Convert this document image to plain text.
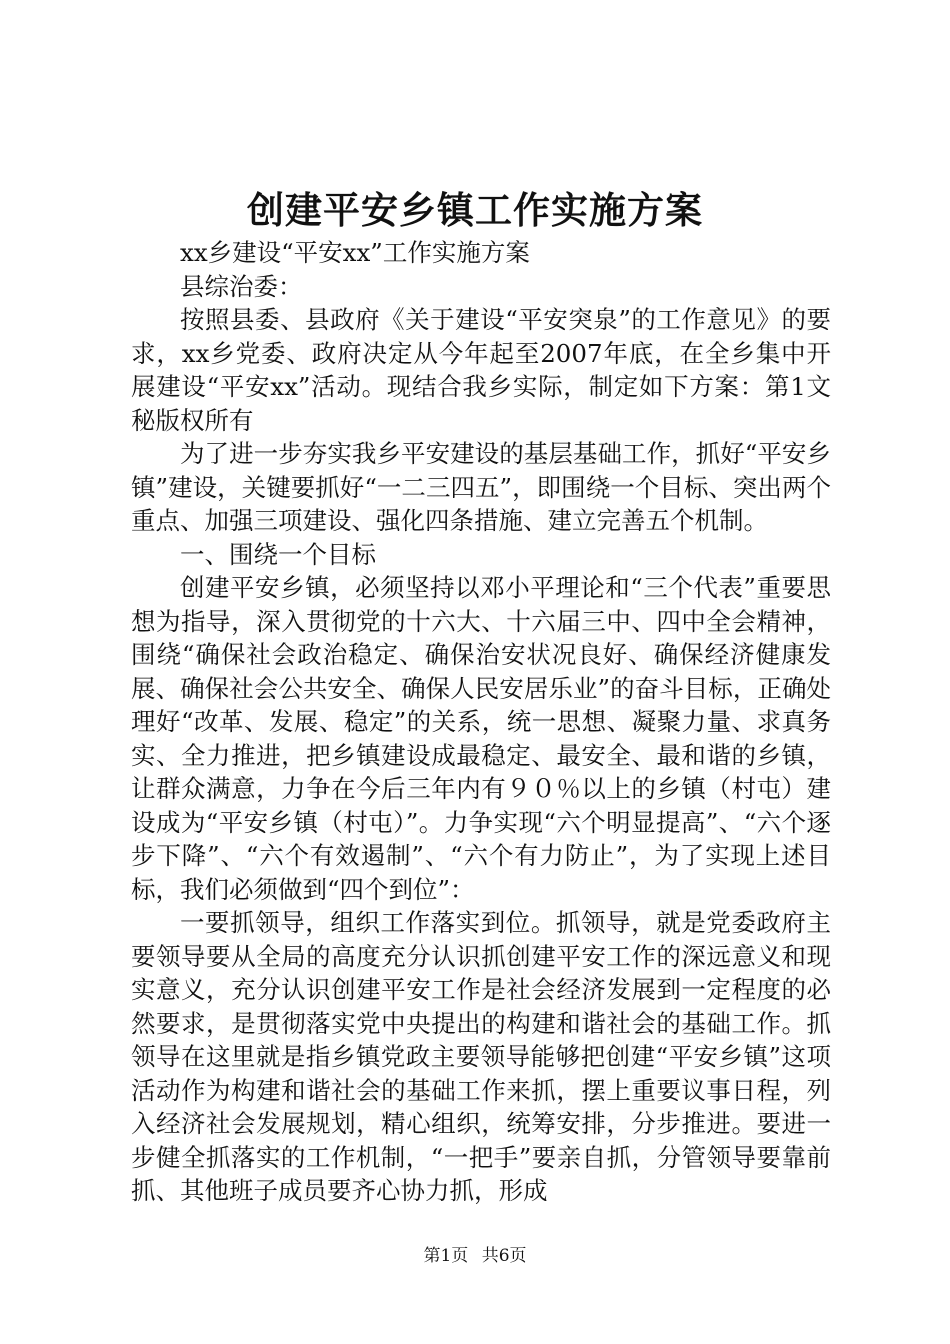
创建平安乡镇工作实施方案

xx乡建设“平安xx”工作实施方案

县综治委：

按照县委、县政府《关于建设“平安突泉”的工作意见》的要求，xx乡党委、政府决定从今年起至2007年底，在全乡集中开展建设“平安xx”活动。现结合我乡实际，制定如下方案：第1文秘版权所有

为了进一步夯实我乡平安建设的基层基础工作，抓好“平安乡镇”建设，关键要抓好“一二三四五”，即围绕一个目标、突出两个重点、加强三项建设、强化四条措施、建立完善五个机制。

一、围绕一个目标

创建平安乡镇，必须坚持以邓小平理论和“三个代表”重要思想为指导，深入贯彻党的十六大、十六届三中、四中全会精神，围绕“确保社会政治稳定、确保治安状况良好、确保经济健康发展、确保社会公共安全、确保人民安居乐业”的奋斗目标，正确处理好“改革、发展、稳定”的关系，统一思想、凝聚力量、求真务实、全力推进，把乡镇建设成最稳定、最安全、最和谐的乡镇，让群众满意，力争在今后三年内有９０％以上的乡镇（村屯）建设成为“平安乡镇（村屯）”。力争实现“六个明显提高”、“六个逐步下降”、“六个有效遏制”、“六个有力防止”，为了实现上述目标，我们必须做到“四个到位”：

一要抓领导，组织工作落实到位。抓领导，就是党委政府主要领导要从全局的高度充分认识抓创建平安工作的深远意义和现实意义，充分认识创建平安工作是社会经济发展到一定程度的必然要求，是贯彻落实党中央提出的构建和谐社会的基础工作。抓领导在这里就是指乡镇党政主要领导能够把创建“平安乡镇”这项活动作为构建和谐社会的基础工作来抓，摆上重要议事日程，列入经济社会发展规划，精心组织，统筹安排，分步推进。要进一步健全抓落实的工作机制，“一把手”要亲自抓，分管领导要靠前抓、其他班子成员要齐心协力抓，形成

第1页 共6页
